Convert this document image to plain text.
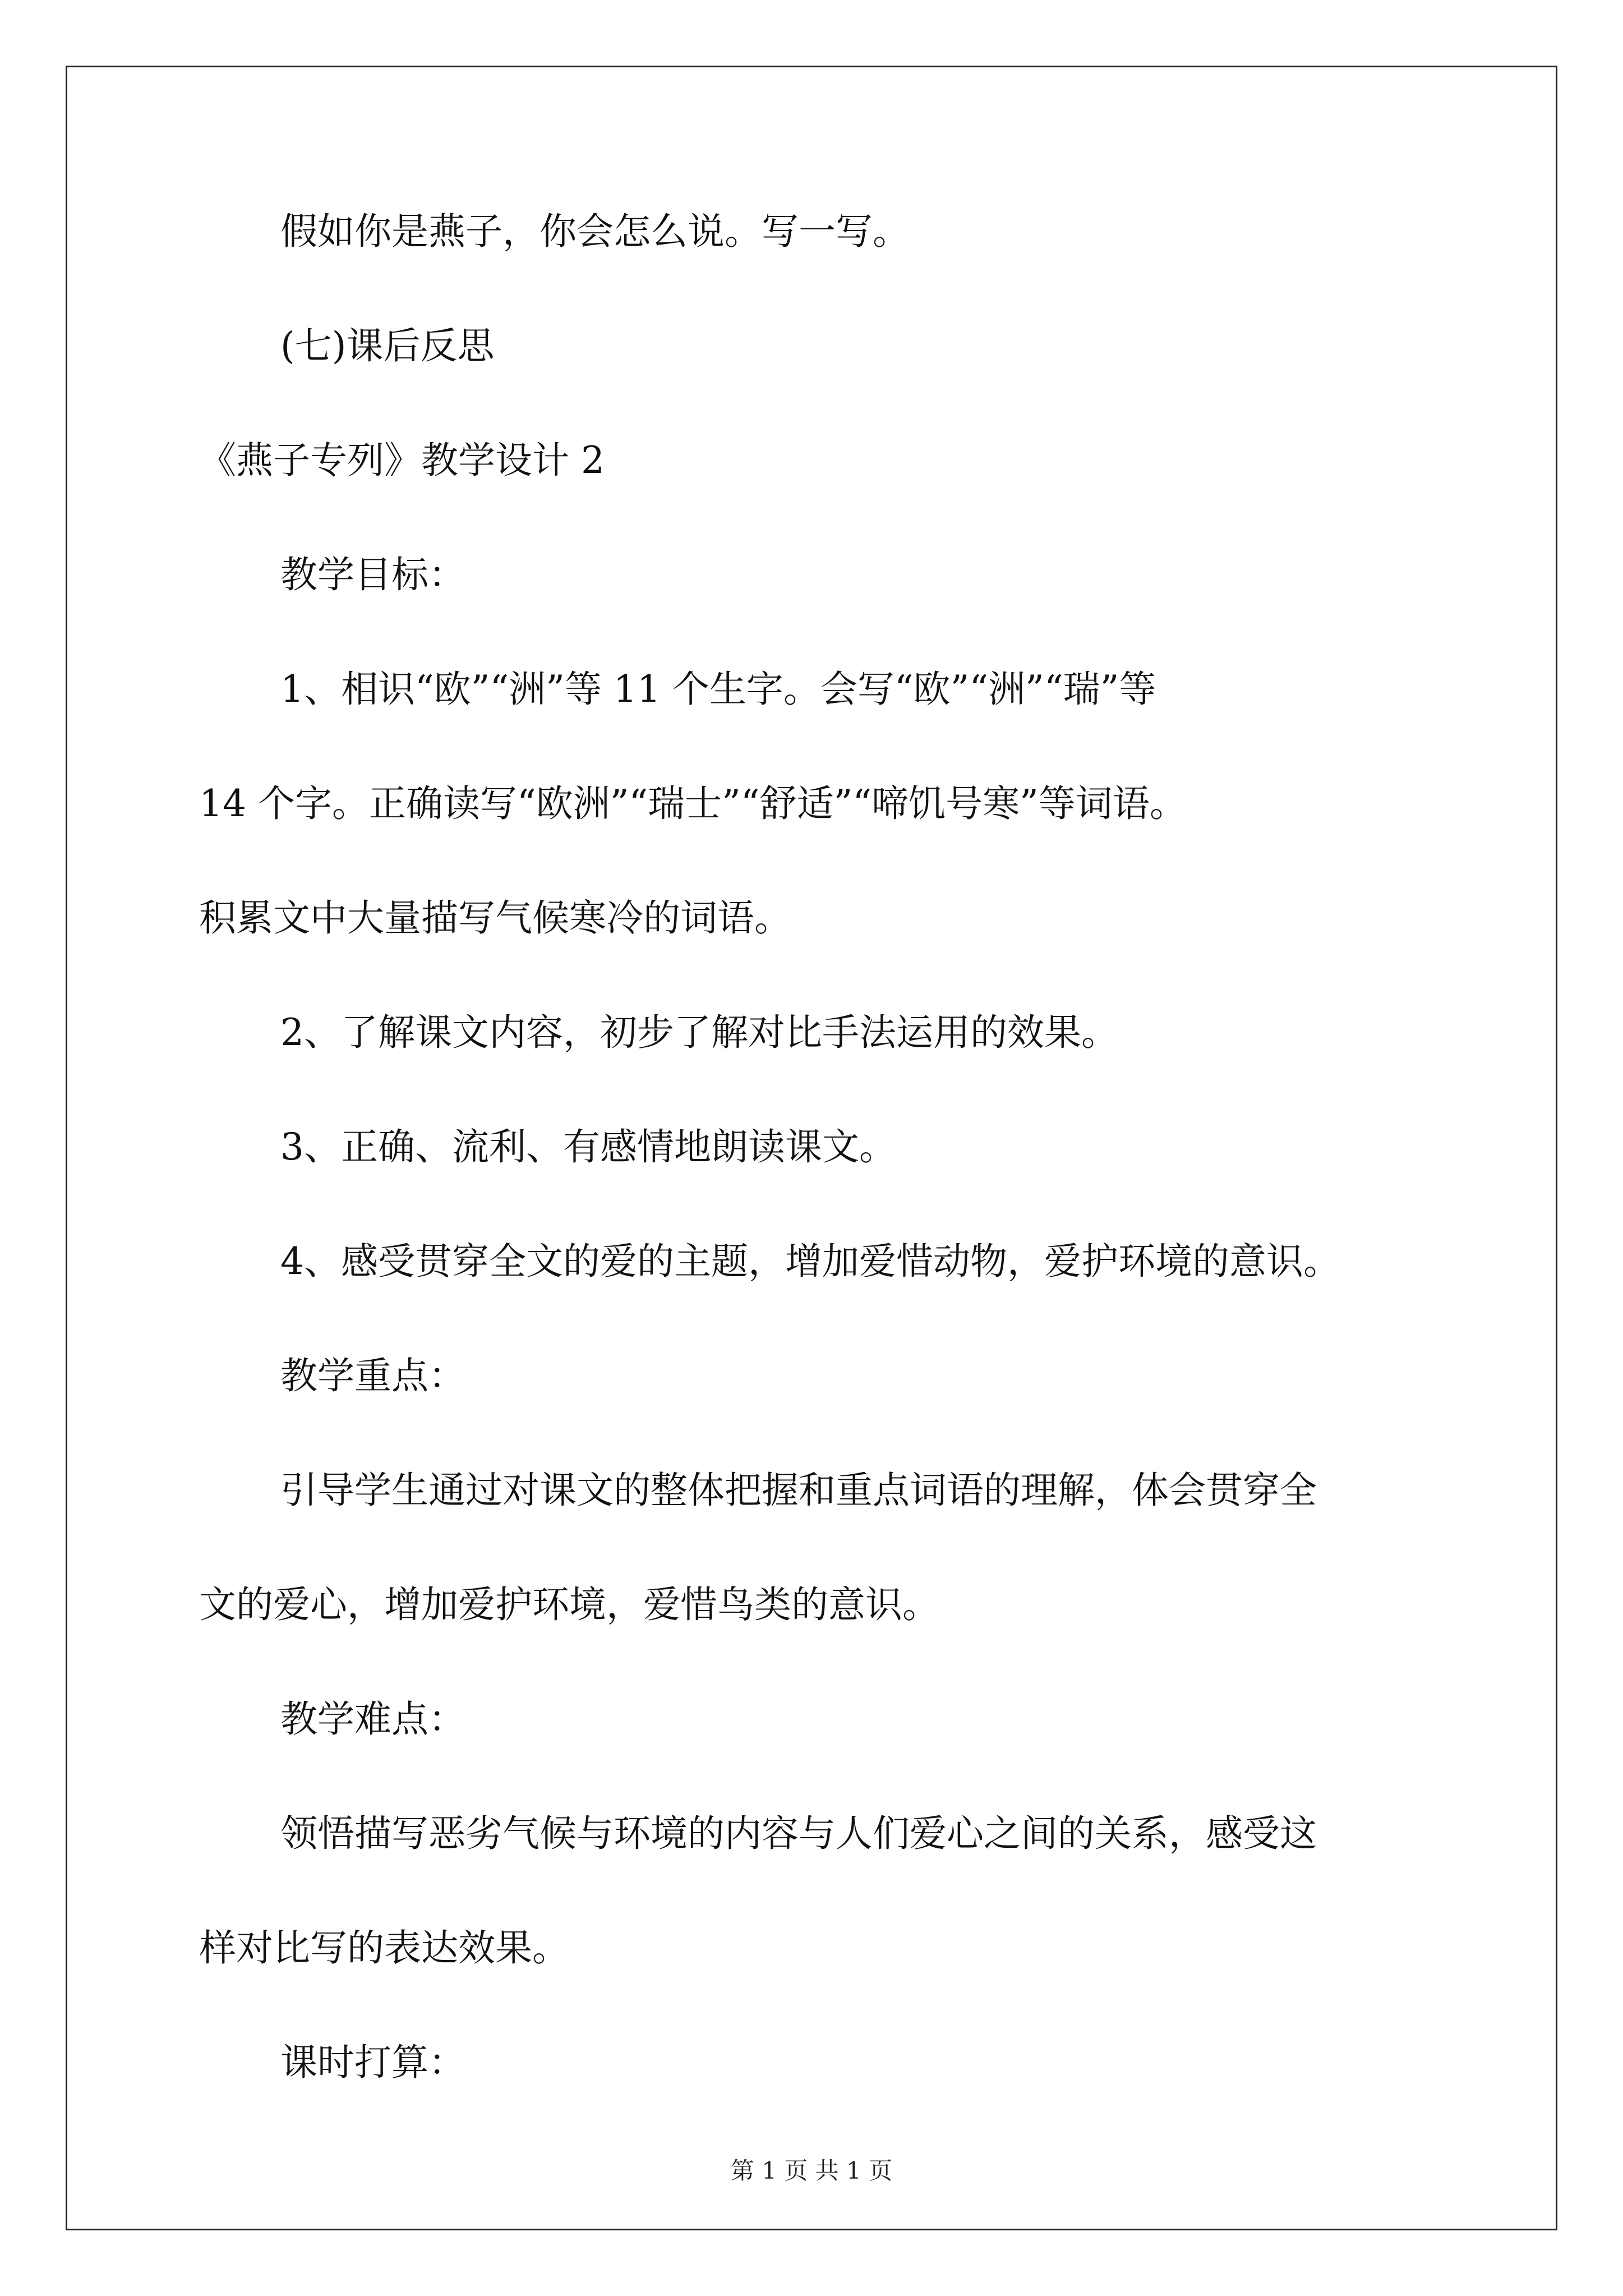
假如你是燕子，你会怎么说。写一写。
(七)课后反思
《燕子专列》教学设计 2
教学目标：
1、相识“欧”“洲”等 11 个生字。会写“欧”“洲”“瑞”等
14 个字。正确读写“欧洲”“瑞士”“舒适”“啼饥号寒”等词语。
积累文中大量描写气候寒冷的词语。
2、了解课文内容，初步了解对比手法运用的效果。
3、正确、流利、有感情地朗读课文。
4、感受贯穿全文的爱的主题，增加爱惜动物，爱护环境的意识。
教学重点：
引导学生通过对课文的整体把握和重点词语的理解，体会贯穿全
文的爱心，增加爱护环境，爱惜鸟类的意识。
教学难点：
领悟描写恶劣气候与环境的内容与人们爱心之间的关系，感受这
样对比写的表达效果。
课时打算：
第 1 页 共 1 页
